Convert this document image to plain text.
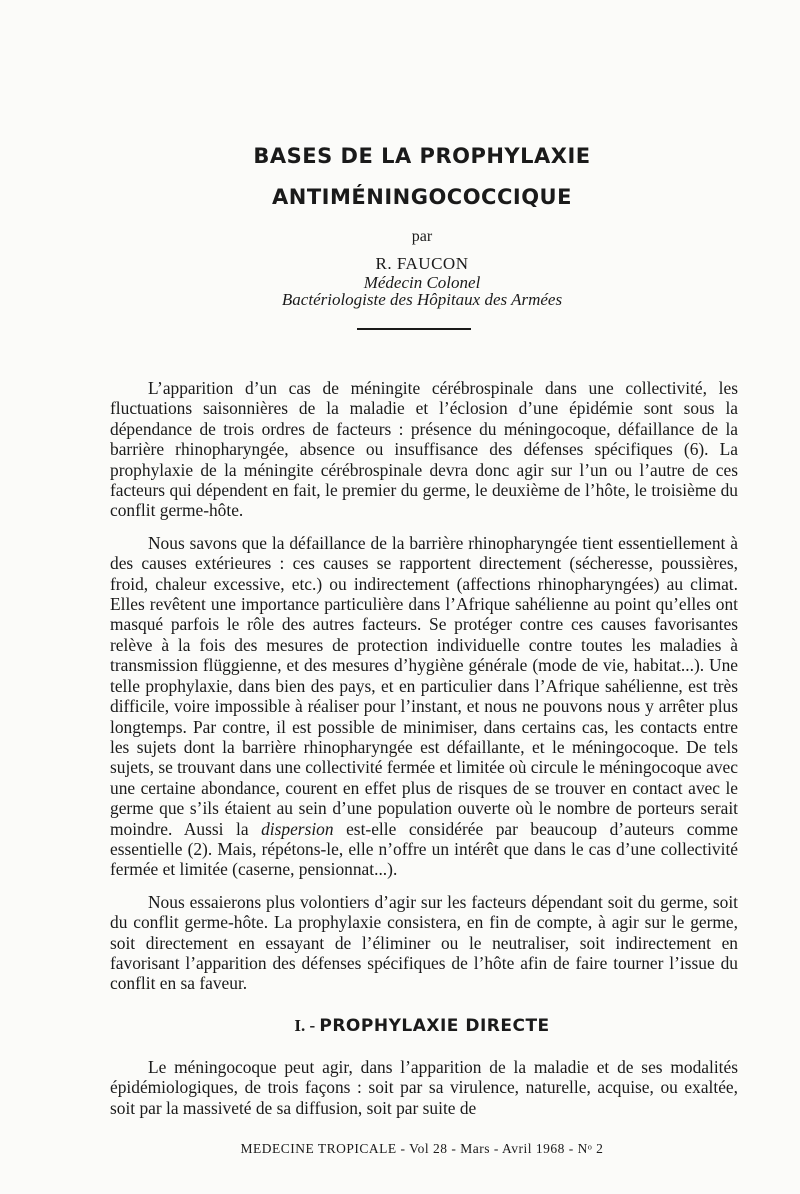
BASES DE LA PROPHYLAXIE
ANTIMÉNINGOCOCCIQUE
par
R. FAUCON
Médecin Colonel
Bactériologiste des Hôpitaux des Armées

L’apparition d’un cas de méningite cérébrospinale dans une collectivité, les fluctuations saisonnières de la maladie et l’éclosion d’une épidémie sont sous la dépendance de trois ordres de facteurs : présence du méningocoque, défaillance de la barrière rhinopharyngée, absence ou insuffisance des défenses spécifiques (6). La prophylaxie de la méningite cérébrospinale devra donc agir sur l’un ou l’autre de ces facteurs qui dépendent en fait, le premier du germe, le deuxième de l’hôte, le troisième du conflit germe-hôte.

Nous savons que la défaillance de la barrière rhinopharyngée tient essentiellement à des causes extérieures : ces causes se rapportent directement (sécheresse, poussières, froid, chaleur excessive, etc.) ou indirectement (affections rhinopharyngées) au climat. Elles revêtent une importance particulière dans l’Afrique sahélienne au point qu’elles ont masqué parfois le rôle des autres facteurs. Se protéger contre ces causes favorisantes relève à la fois des mesures de protection individuelle contre toutes les maladies à transmission flüggienne, et des mesures d’hygiène générale (mode de vie, habitat...). Une telle prophylaxie, dans bien des pays, et en particulier dans l’Afrique sahélienne, est très difficile, voire impossible à réaliser pour l’instant, et nous ne pouvons nous y arrêter plus longtemps. Par contre, il est possible de minimiser, dans certains cas, les contacts entre les sujets dont la barrière rhinopharyngée est défaillante, et le méningocoque. De tels sujets, se trouvant dans une collectivité fermée et limitée où circule le méningocoque avec une certaine abondance, courent en effet plus de risques de se trouver en contact avec le germe que s’ils étaient au sein d’une population ouverte où le nombre de porteurs serait moindre. Aussi la dispersion est-elle considérée par beaucoup d’auteurs comme essentielle (2). Mais, répétons-le, elle n’offre un intérêt que dans le cas d’une collectivité fermée et limitée (caserne, pensionnat...).

Nous essaierons plus volontiers d’agir sur les facteurs dépendant soit du germe, soit du conflit germe-hôte. La prophylaxie consistera, en fin de compte, à agir sur le germe, soit directement en essayant de l’éliminer ou le neutraliser, soit indirectement en favorisant l’apparition des défenses spécifiques de l’hôte afin de faire tourner l’issue du conflit en sa faveur.

I. - PROPHYLAXIE DIRECTE

Le méningocoque peut agir, dans l’apparition de la maladie et de ses modalités épidémiologiques, de trois façons : soit par sa virulence, naturelle, acquise, ou exaltée, soit par la massiveté de sa diffusion, soit par suite de

MEDECINE TROPICALE - Vol 28 - Mars - Avril 1968 - Nᵒ 2
